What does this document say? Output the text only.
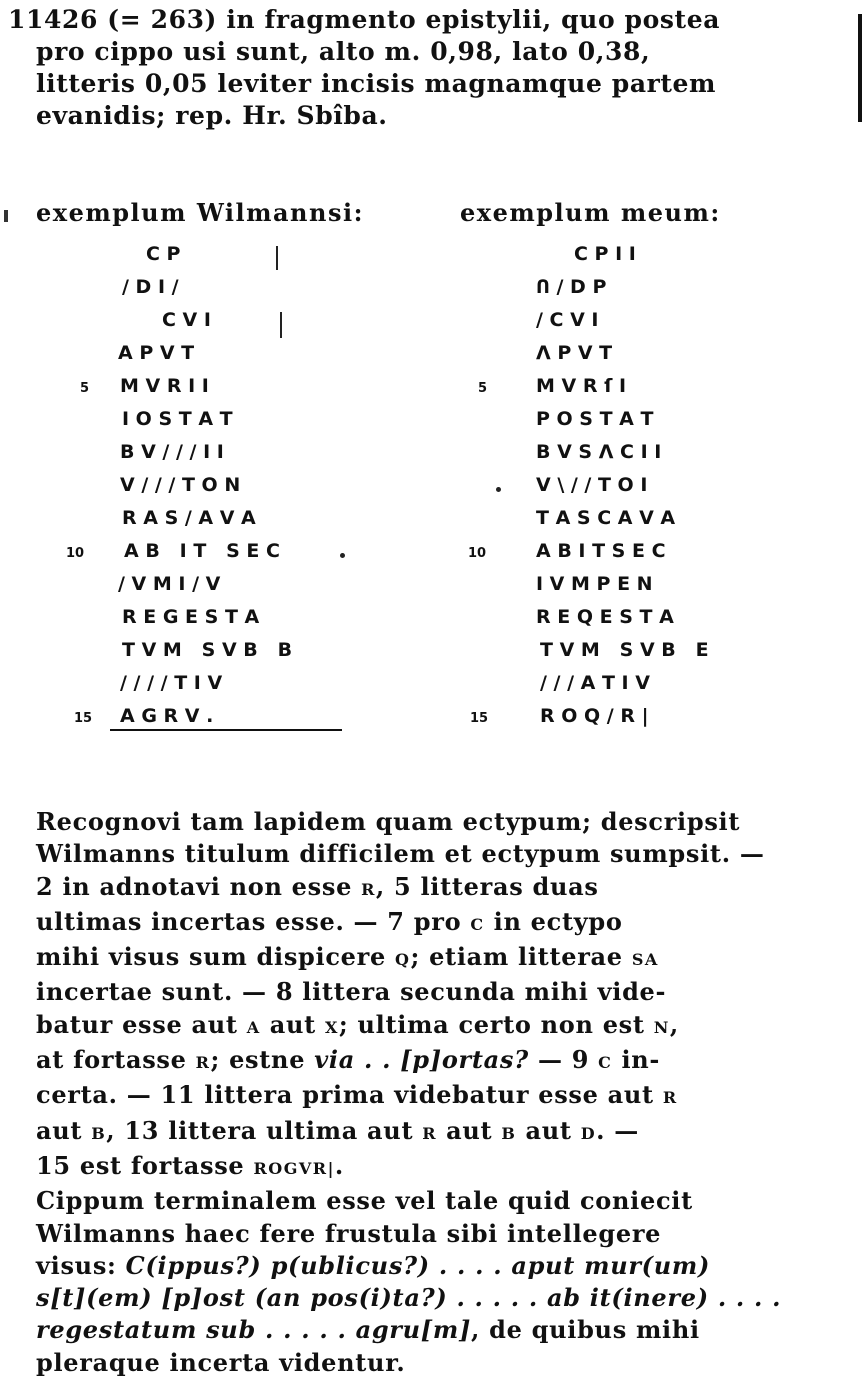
11426 (= 263) in fragmento epistylii, quo postea
pro cippo usi sunt, alto m. 0,98, lato 0,38,
litteris 0,05 leviter incisis magnamque partem
evanidis; rep. Hr. Sbîba.
exemplum Wilmannsi:	exemplum meum:
C P
/ D I /
C V I
A P V T
M V R I I
I O S T A T
B V / / / I I
V / / / T O N
R A S / A V A
A B   I T   S E C
/ V M I / V
R E G E S T A
T V M   S V B   B
/ / / / T I V
A G R V .
5
10
15
C P I I
Ո / D P
/ C V I
Λ P V T
M V R ſ I
P O S T A T
B V S Λ C I I
V \ / / T O I
T A S C A V A
A B I T S E C
I V M P E N
R E Q E S T A
T V M   S V B   E
/ / / A T I V
R O Q / R |
5
10
15

Recognovi tam lapidem quam ectypum; descripsit

Wilmanns titulum difficilem et ectypum sumpsit. —

2 in adnotavi non esse R, 5 litteras duas

ultimas incertas esse. — 7 pro C in ectypo

mihi visus sum dispicere Q; etiam litterae SA

incertae sunt. — 8 littera secunda mihi vide-

batur esse aut A aut X; ultima certo non est N,

at fortasse R; estne via . . [p]ortas? — 9 C in-

certa. — 11 littera prima videbatur esse aut R

aut B, 13 littera ultima aut R aut B aut D. —

15 est fortasse ROGVR|.

Cippum terminalem esse vel tale quid coniecit

Wilmanns haec fere frustula sibi intellegere

visus: C(ippus?) p(ublicus?) . . . . aput mur(um)

s[t](em) [p]ost (an pos(i)ta?) . . . . . ab it(inere) . . . .

regestatum sub . . . . . agru[m], de quibus mihi

pleraque incerta videntur.
